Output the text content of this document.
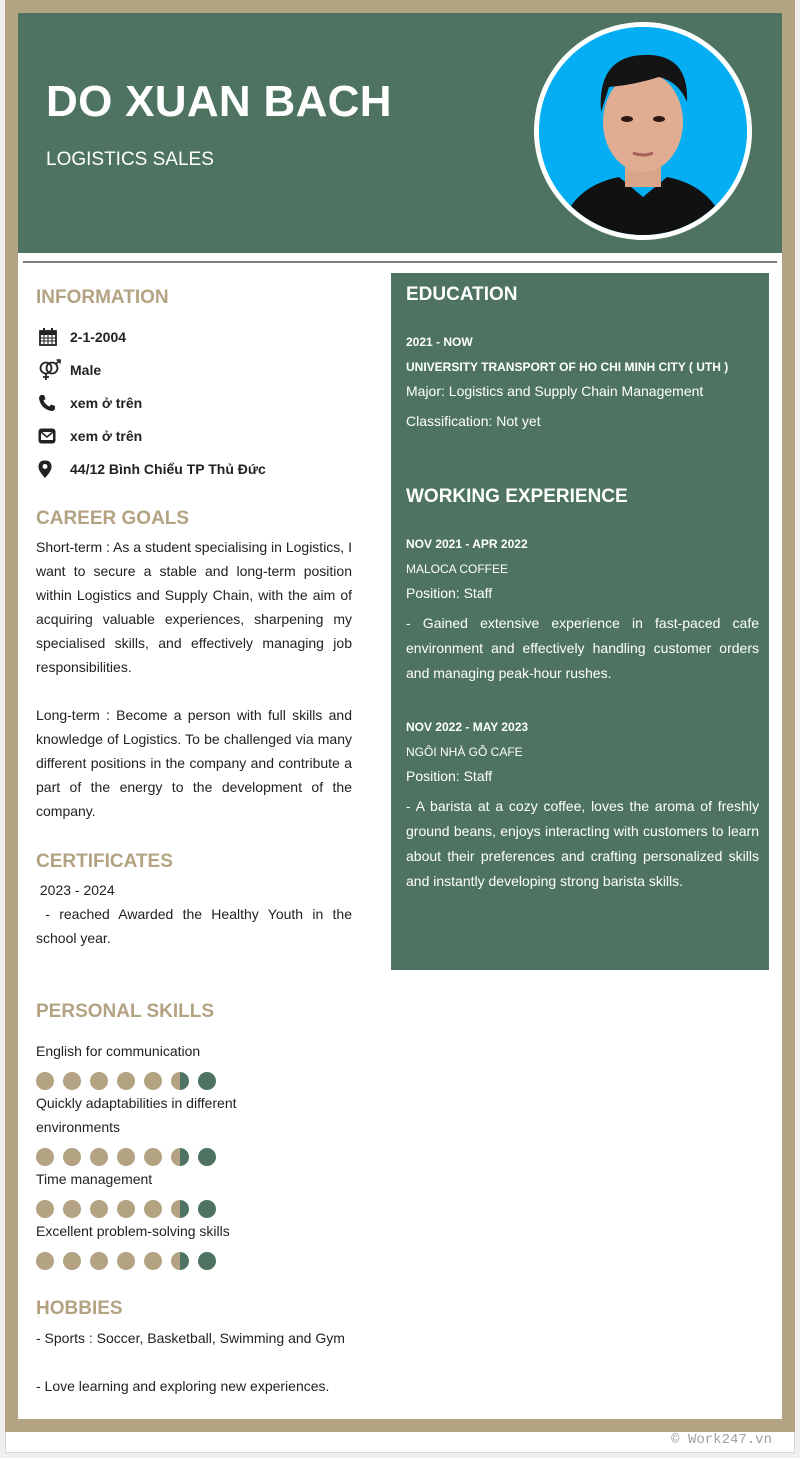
DO XUAN BACH
LOGISTICS SALES
INFORMATION
2-1-2004
Male
xem ở trên
xem ở trên
44/12 Bình Chiểu TP Thủ Đức
CAREER GOALS
Short-term : As a student specialising in Logistics, I want to secure a stable and long-term position within Logistics and Supply Chain, with the aim of acquiring valuable experiences, sharpening my specialised skills, and effectively managing job responsibilities.
Long-term : Become a person with full skills and knowledge of Logistics. To be challenged via many different positions in the company and contribute a part of the energy to the development of the company.
CERTIFICATES
2023 - 2024
- reached Awarded the Healthy Youth in the school year.
PERSONAL SKILLS
English for communication
Quickly adaptabilities in different environments
Time management
Excellent problem-solving skills
HOBBIES
- Sports : Soccer, Basketball, Swimming and Gym
- Love learning and exploring new experiences.
EDUCATION
2021 - NOW
UNIVERSITY TRANSPORT OF HO CHI MINH CITY ( UTH )
Major: Logistics and Supply Chain Management
Classification: Not yet
WORKING EXPERIENCE
NOV 2021 - APR 2022
MALOCA COFFEE
Position: Staff
- Gained extensive experience in fast-paced cafe environment and effectively handling customer orders and managing peak-hour rushes.
NOV 2022 - MAY 2023
NGÔI NHÀ GỖ CAFE
Position: Staff
- A barista at a cozy coffee, loves the aroma of freshly ground beans, enjoys interacting with customers to learn about their preferences and crafting personalized skills and instantly developing strong barista skills.
© Work247.vn
